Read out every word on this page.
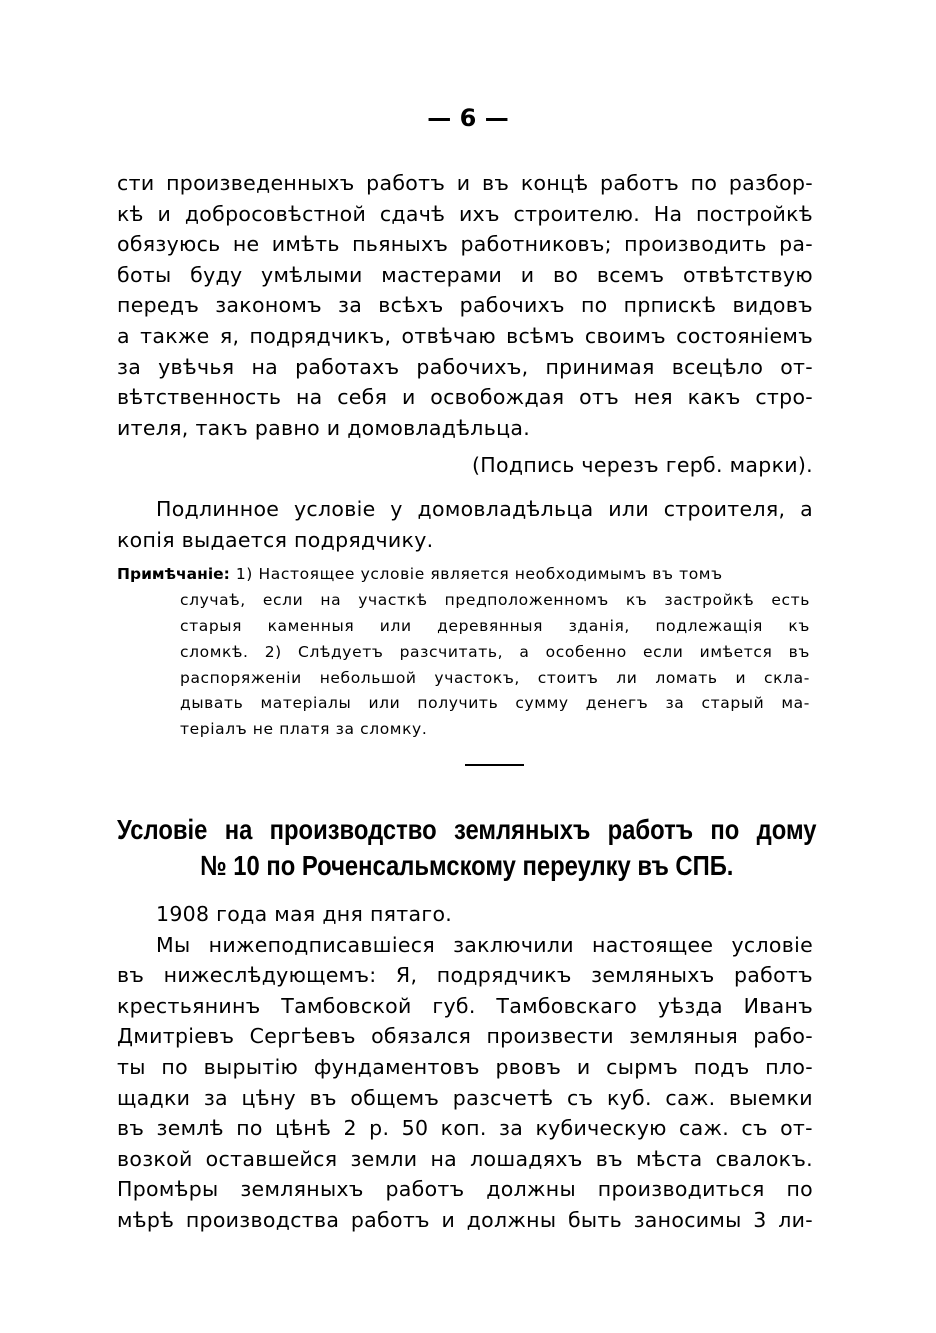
— 6 —
сти произведенныхъ работъ и въ концѣ работъ по разбор-
кѣ и добросовѣстной сдачѣ ихъ строителю. На постройкѣ
обязуюсь не имѣть пьяныхъ работниковъ; производить ра-
боты буду умѣлыми мастерами и во всемъ отвѣтствую
передъ закономъ за всѣхъ рабочихъ по прпискѣ видовъ
а также я, подрядчикъ, отвѣчаю всѣмъ своимъ состояніемъ
за увѣчья на работахъ рабочихъ, принимая всецѣло от-
вѣтственность на себя и освобождая отъ нея какъ стро-
ителя, такъ равно и домовладѣльца.
(Подпись черезъ герб. марки).
Подлинное условіе у домовладѣльца или строителя, а
копія выдается подрядчику.
Примѣчаніе: 1) Настоящее условіе является необходимымъ въ томъ
случаѣ, если на участкѣ предположенномъ къ застройкѣ есть
старыя каменныя или деревянныя зданія, подлежащія къ
сломкѣ. 2) Слѣдуетъ разсчитать, а особенно если имѣется въ
распоряженіи небольшой участокъ, стоитъ ли ломать и скла-
дывать матеріалы или получить сумму денегъ за старый ма-
теріалъ не платя за сломку.
Условіе на производство земляныхъ работъ по дому
№ 10 по Роченсальмскому переулку въ СПБ.
1908 года мая дня пятаго.
Мы нижеподписавшіеся заключили настоящее условіе
въ нижеслѣдующемъ: Я, подрядчикъ земляныхъ работъ
крестьянинъ Тамбовской губ. Тамбовскаго уѣзда Иванъ
Дмитріевъ Сергѣевъ обязался произвести земляныя рабо-
ты по вырытію фундаментовъ рвовъ и сырмъ подъ пло-
щадки за цѣну въ общемъ разсчетѣ съ куб. саж. выемки
въ землѣ по цѣнѣ 2 р. 50 коп. за кубическую саж. съ от-
возкой оставшейся земли на лошадяхъ въ мѣста свалокъ.
Промѣры земляныхъ работъ должны производиться по
мѣрѣ производства работъ и должны быть заносимы 3 ли-
